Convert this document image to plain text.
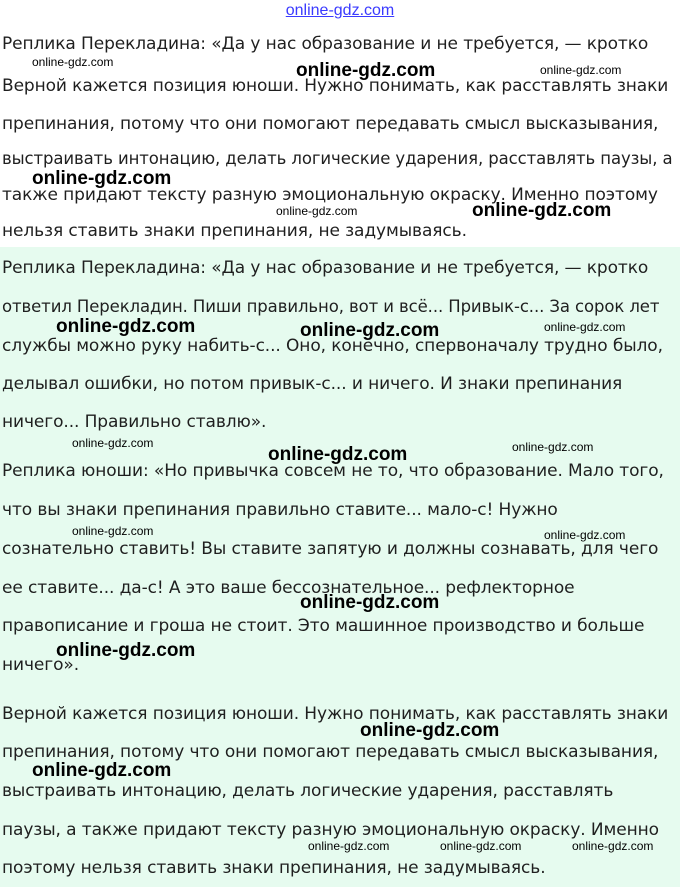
online-gdz.com
Реплика Перекладина: «Да у нас образование и не требуется, — кротко
Верной кажется позиция юноши. Нужно понимать, как расставлять знаки
препинания, потому что они помогают передавать смысл высказывания,
выстраивать интонацию, делать логические ударения, расставлять паузы, а
также придают тексту разную эмоциональную окраску. Именно поэтому
нельзя ставить знаки препинания, не задумываясь.
Реплика Перекладина: «Да у нас образование и не требуется, — кротко
ответил Перекладин. Пиши правильно, вот и всё... Привык-с... За сорок лет
службы можно руку набить-с... Оно, конечно, спервоначалу трудно было,
делывал ошибки, но потом привык-с... и ничего. И знаки препинания
ничего... Правильно ставлю».
Реплика юноши: «Но привычка совсем не то, что образование. Мало того,
что вы знаки препинания правильно ставите... мало-с! Нужно
сознательно ставить! Вы ставите запятую и должны сознавать, для чего
ее ставите... да-с! А это ваше бессознательное... рефлекторное
правописание и гроша не стоит. Это машинное производство и больше
ничего».
Верной кажется позиция юноши. Нужно понимать, как расставлять знаки
препинания, потому что они помогают передавать смысл высказывания,
выстраивать интонацию, делать логические ударения, расставлять
паузы, а также придают тексту разную эмоциональную окраску. Именно
поэтому нельзя ставить знаки препинания, не задумываясь.
online-gdz.com	online-gdz.com	online-gdz.com
online-gdz.com
online-gdz.com	online-gdz.com
online-gdz.com	online-gdz.com	online-gdz.com
online-gdz.com
online-gdz.com	online-gdz.com
online-gdz.com	online-gdz.com
online-gdz.com
online-gdz.com
online-gdz.com
online-gdz.com
online-gdz.com	online-gdz.com	online-gdz.com
